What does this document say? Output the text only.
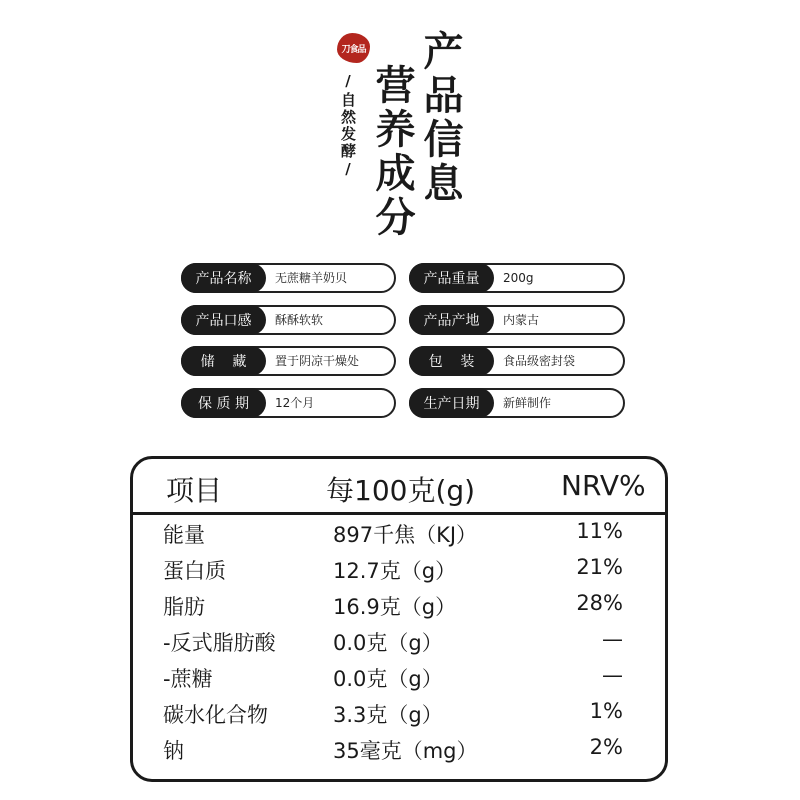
刀食品
/自然发酵/ 产品信息
营养成分
产品名称	无蔗糖羊奶贝	产品重量	200g
产品口感	酥酥软软	产品产地	内蒙古
储    藏	置于阴凉干燥处	包    装	食品级密封袋
保 质 期	12个月	生产日期	新鲜制作
项目	每100克(g)	NRV%
能量	897千焦（KJ）	11%
蛋白质	12.7克（g）	21%
脂肪	16.9克（g）	28%
-反式脂肪酸	0.0克（g）	—
-蔗糖	0.0克（g）	—
碳水化合物	3.3克（g）	1%
钠	35毫克（mg）	2%
